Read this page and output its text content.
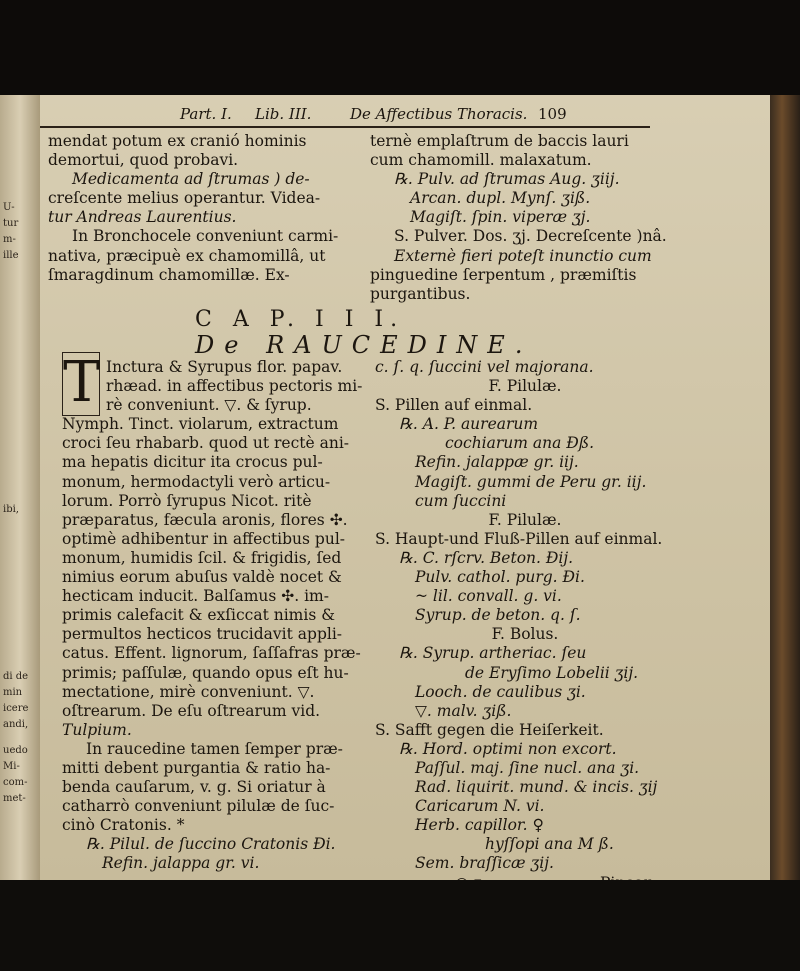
U-
tur
m-
ille
ibi,
di de
min
icere
andi,
uedo
Mi-
com-
met-
Part. I. Lib. III.	De Affectibus Thoracis. 109

mendat potum ex cranió hominis

demortui, quod probavi.

Medicamenta ad ſtrumas ) de-

creſcente melius operantur. Videa-

tur Andreas Laurentius.

In Bronchocele conveniunt carmi-

nativa, præcipuè ex chamomillâ, ut

ſmaragdinum chamomillæ. Ex-

ternè emplaſtrum de baccis lauri

cum chamomill. malaxatum.

℞. Pulv. ad ſtrumas Aug. ʒiij.

Arcan. dupl. Mynſ. ʒiß.

Magiſt. ſpin. viperæ ʒj.

S. Pulver. Dos. ʒj. Decreſcente )nâ.

Externè fieri poteſt inunctio cum

pinguedine ſerpentum , præmiſtis

purgantibus.

C A P. I I I.
De RAUCEDINE.
T Inctura & Syrupus flor. papav.

rhæad. in affectibus pectoris mi-

rè conveniunt. ▽. & ſyrup.

Nymph. Tinct. violarum, extractum

croci ſeu rhabarb. quod ut rectè ani-

ma hepatis dicitur ita crocus pul-

monum, hermodactyli verò articu-

lorum. Porrò ſyrupus Nicot. ritè

præparatus, fæcula aronis, flores ✣.

optimè adhibentur in affectibus pul-

monum, humidis ſcil. & frigidis, ſed

nimius eorum abuſus valdè nocet &

hecticam inducit. Balſamus ✣. im-

primis calefacit & exſiccat nimis &

permultos hecticos trucidavit appli-

catus. Effent. lignorum, ſaſſafras præ-

primis; paſſulæ, quando opus eſt hu-

mectatione, mirè conveniunt. ▽.

oſtrearum. De eſu oſtrearum vid.

Tulpium.

In raucedine tamen ſemper præ-

mitti debent purgantia & ratio ha-

benda cauſarum, v. g. Si oriatur à

catharrò conveniunt pilulæ de ſuc-

cinò Cratonis. *

℞. Pilul. de ſuccino Cratonis Đi.

Refin. jalappa gr. vi.

c. ſ. q. ſuccini vel majorana.

F. Pilulæ.

S. Pillen auf einmal.

℞. A. P. aurearum

cochiarum ana Đß.

Refin. jalappæ gr. iij.

Magiſt. gummi de Peru gr. iij.

cum ſuccini

F. Pilulæ.

S. Haupt-und Fluß-Pillen auf einmal.

℞. C. rſcrv. Beton. Đij.

Pulv. cathol. purg. Đi.

~ lil. convall. g. vi.

Syrup. de beton. q. ſ.

F. Bolus.

℞. Syrup. artheriac. ſeu

de Eryſimo Lobelii ʒij.

Looch. de caulibus ʒi.

▽. malv. ʒiß.

S. Safft gegen die Heiſerkeit.

℞. Hord. optimi non excort.

Paſſul. maj. ſine nucl. ana ʒi.

Rad. liquirit. mund. & incis. ʒij

Caricarum N. vi.

Herb. capillor. ♀

hyſſopi ana M ß.

Sem. braſſicæ ʒij.
